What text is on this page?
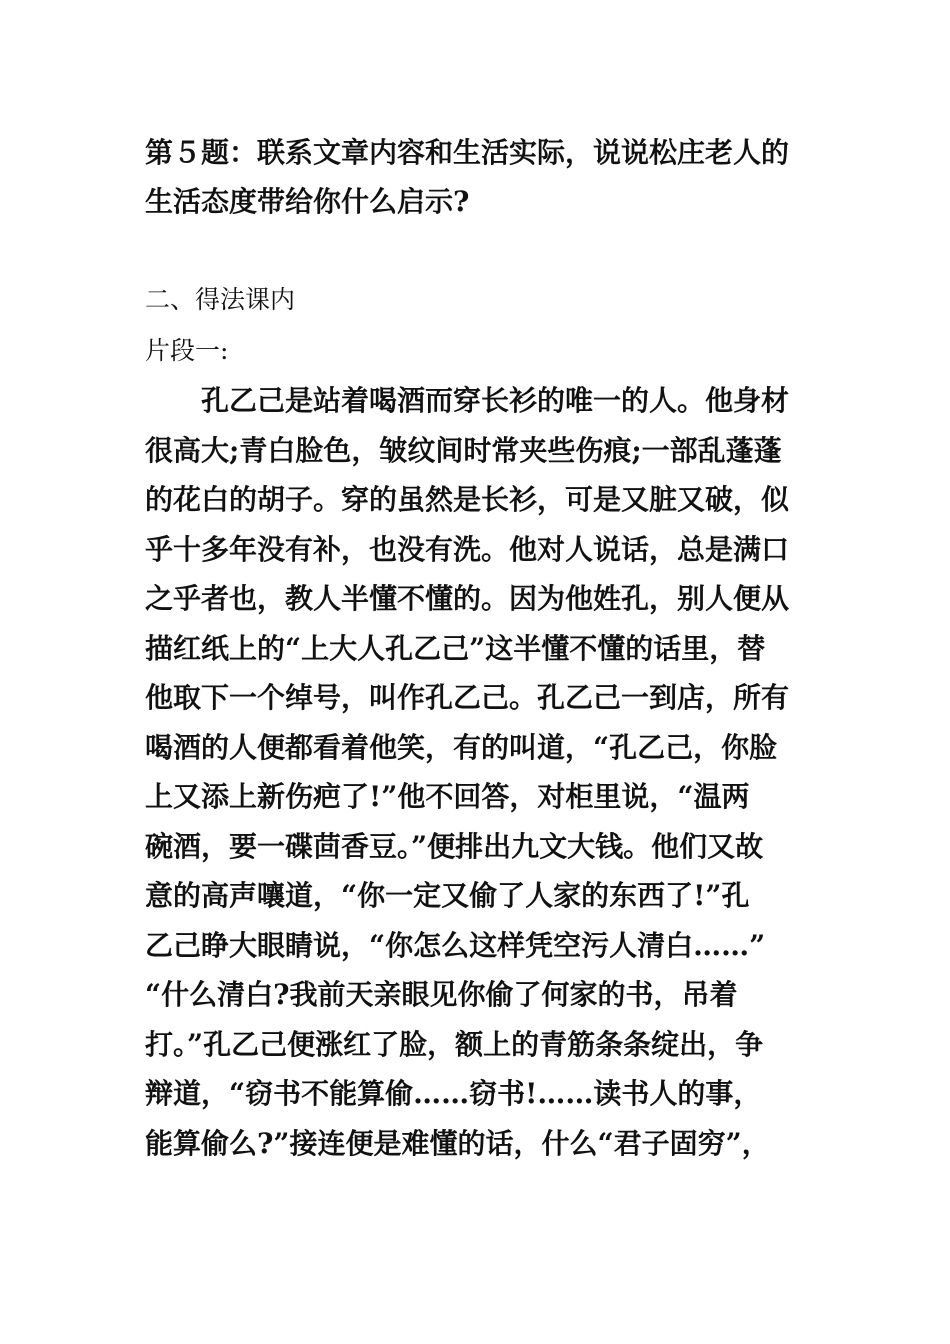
第５题：联系文章内容和生活实际，说说松庄老人的
生活态度带给你什么启示?
二、得法课内
片段一:
　　孔乙己是站着喝酒而穿长衫的唯一的人。他身材
很高大;青白脸色，皱纹间时常夹些伤痕;一部乱蓬蓬
的花白的胡子。穿的虽然是长衫，可是又脏又破，似
乎十多年没有补，也没有洗。他对人说话，总是满口
之乎者也，教人半懂不懂的。因为他姓孔，别人便从
描红纸上的“上大人孔乙己”这半懂不懂的话里，替
他取下一个绰号，叫作孔乙己。孔乙己一到店，所有
喝酒的人便都看着他笑，有的叫道，“孔乙己，你脸
上又添上新伤疤了!”他不回答，对柜里说，“温两
碗酒，要一碟茴香豆。”便排出九文大钱。他们又故
意的高声嚷道，“你一定又偷了人家的东西了!”孔
乙己睁大眼睛说，“你怎么这样凭空污人清白……”
“什么清白?我前天亲眼见你偷了何家的书，吊着
打。”孔乙己便涨红了脸，额上的青筋条条绽出，争
辩道，“窃书不能算偷……窃书!……读书人的事，
能算偷么?”接连便是难懂的话，什么“君子固穷”，
